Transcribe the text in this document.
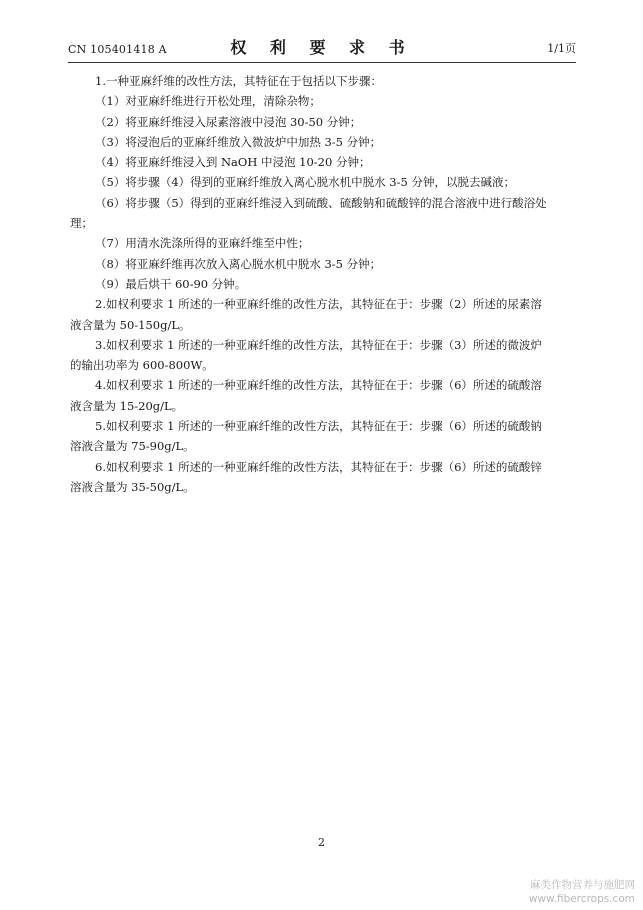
CN 105401418 A	权 利 要 求 书	1/1页

1.一种亚麻纤维的改性方法，其特征在于包括以下步骤：

（1）对亚麻纤维进行开松处理，清除杂物；

（2）将亚麻纤维浸入尿素溶液中浸泡 30-50 分钟；

（3）将浸泡后的亚麻纤维放入微波炉中加热 3-5 分钟；

（4）将亚麻纤维浸入到 NaOH 中浸泡 10-20 分钟；

（5）将步骤（4）得到的亚麻纤维放入离心脱水机中脱水 3-5 分钟，以脱去碱液；

（6）将步骤（5）得到的亚麻纤维浸入到硫酸、硫酸钠和硫酸锌的混合溶液中进行酸浴处

理；

（7）用清水洗涤所得的亚麻纤维至中性；

（8）将亚麻纤维再次放入离心脱水机中脱水 3-5 分钟；

（9）最后烘干 60-90 分钟。

2.如权利要求 1 所述的一种亚麻纤维的改性方法，其特征在于：步骤（2）所述的尿素溶

液含量为 50-150g/L。

3.如权利要求 1 所述的一种亚麻纤维的改性方法，其特征在于：步骤（3）所述的微波炉

的输出功率为 600-800W。

4.如权利要求 1 所述的一种亚麻纤维的改性方法，其特征在于：步骤（6）所述的硫酸溶

液含量为 15-20g/L。

5.如权利要求 1 所述的一种亚麻纤维的改性方法，其特征在于：步骤（6）所述的硫酸钠

溶液含量为 75-90g/L。

6.如权利要求 1 所述的一种亚麻纤维的改性方法，其特征在于：步骤（6）所述的硫酸锌

溶液含量为 35-50g/L。

2
麻类作物营养与施肥网
www.fibercrops.com
